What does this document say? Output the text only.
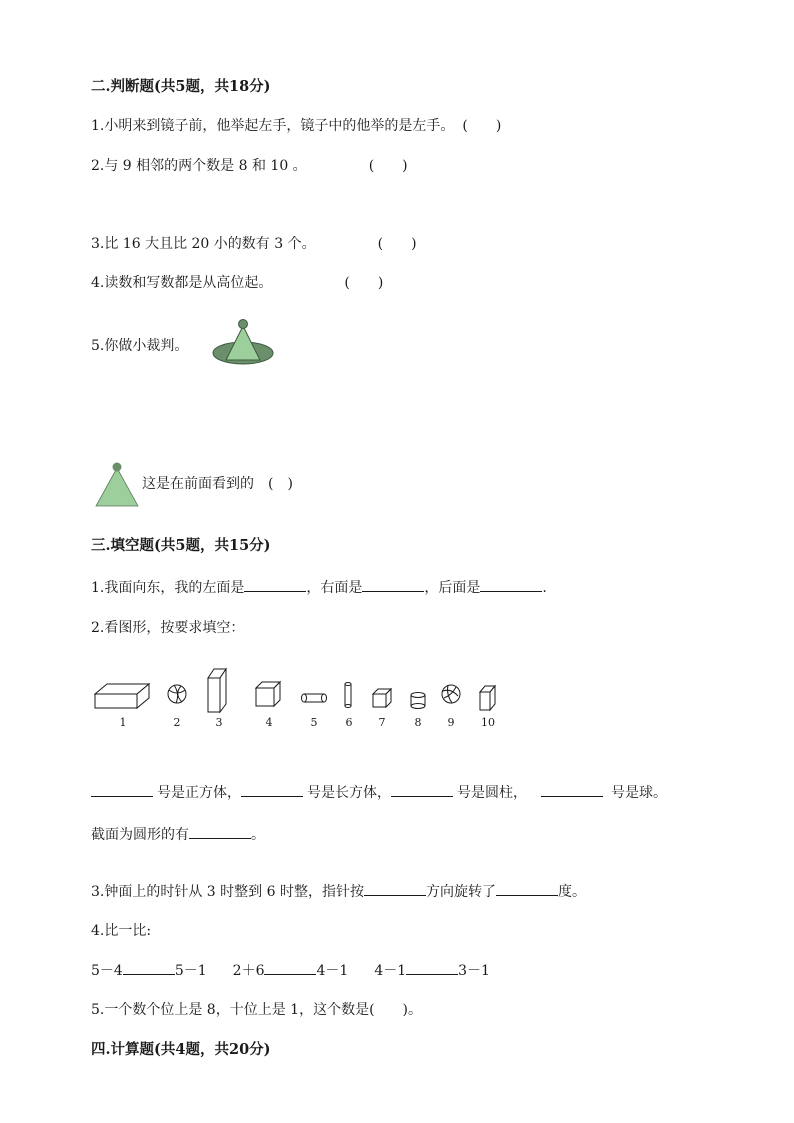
二.判断题(共5题，共18分)
1.小明来到镜子前，他举起左手，镜子中的他举的是左手。 (　　)
2.与 9 相邻的两个数是 8 和 10 。	(　　)
3.比 16 大且比 20 小的数有 3 个。	(　　)
4.读数和写数都是从高位起。	(　　)
5.你做小裁判。
这是在前面看到的 (　)
三.填空题(共5题，共15分)
1.我面向东，我的左面是	，右面是	，后面是	.
2.看图形，按要求填空：
1	2	3	4	5	6	7	8	9	10
号是正方体，	号是长方体，	号是圆柱，	号是球。
截面为圆形的有	。
3.钟面上的时针从 3 时整到 6 时整，指针按	方向旋转了	度。
4.比一比:
5－4	5－1 2＋6	4－1 4－1	3－1
5.一个数个位上是 8，十位上是 1，这个数是(　　)。
四.计算题(共4题，共20分)
